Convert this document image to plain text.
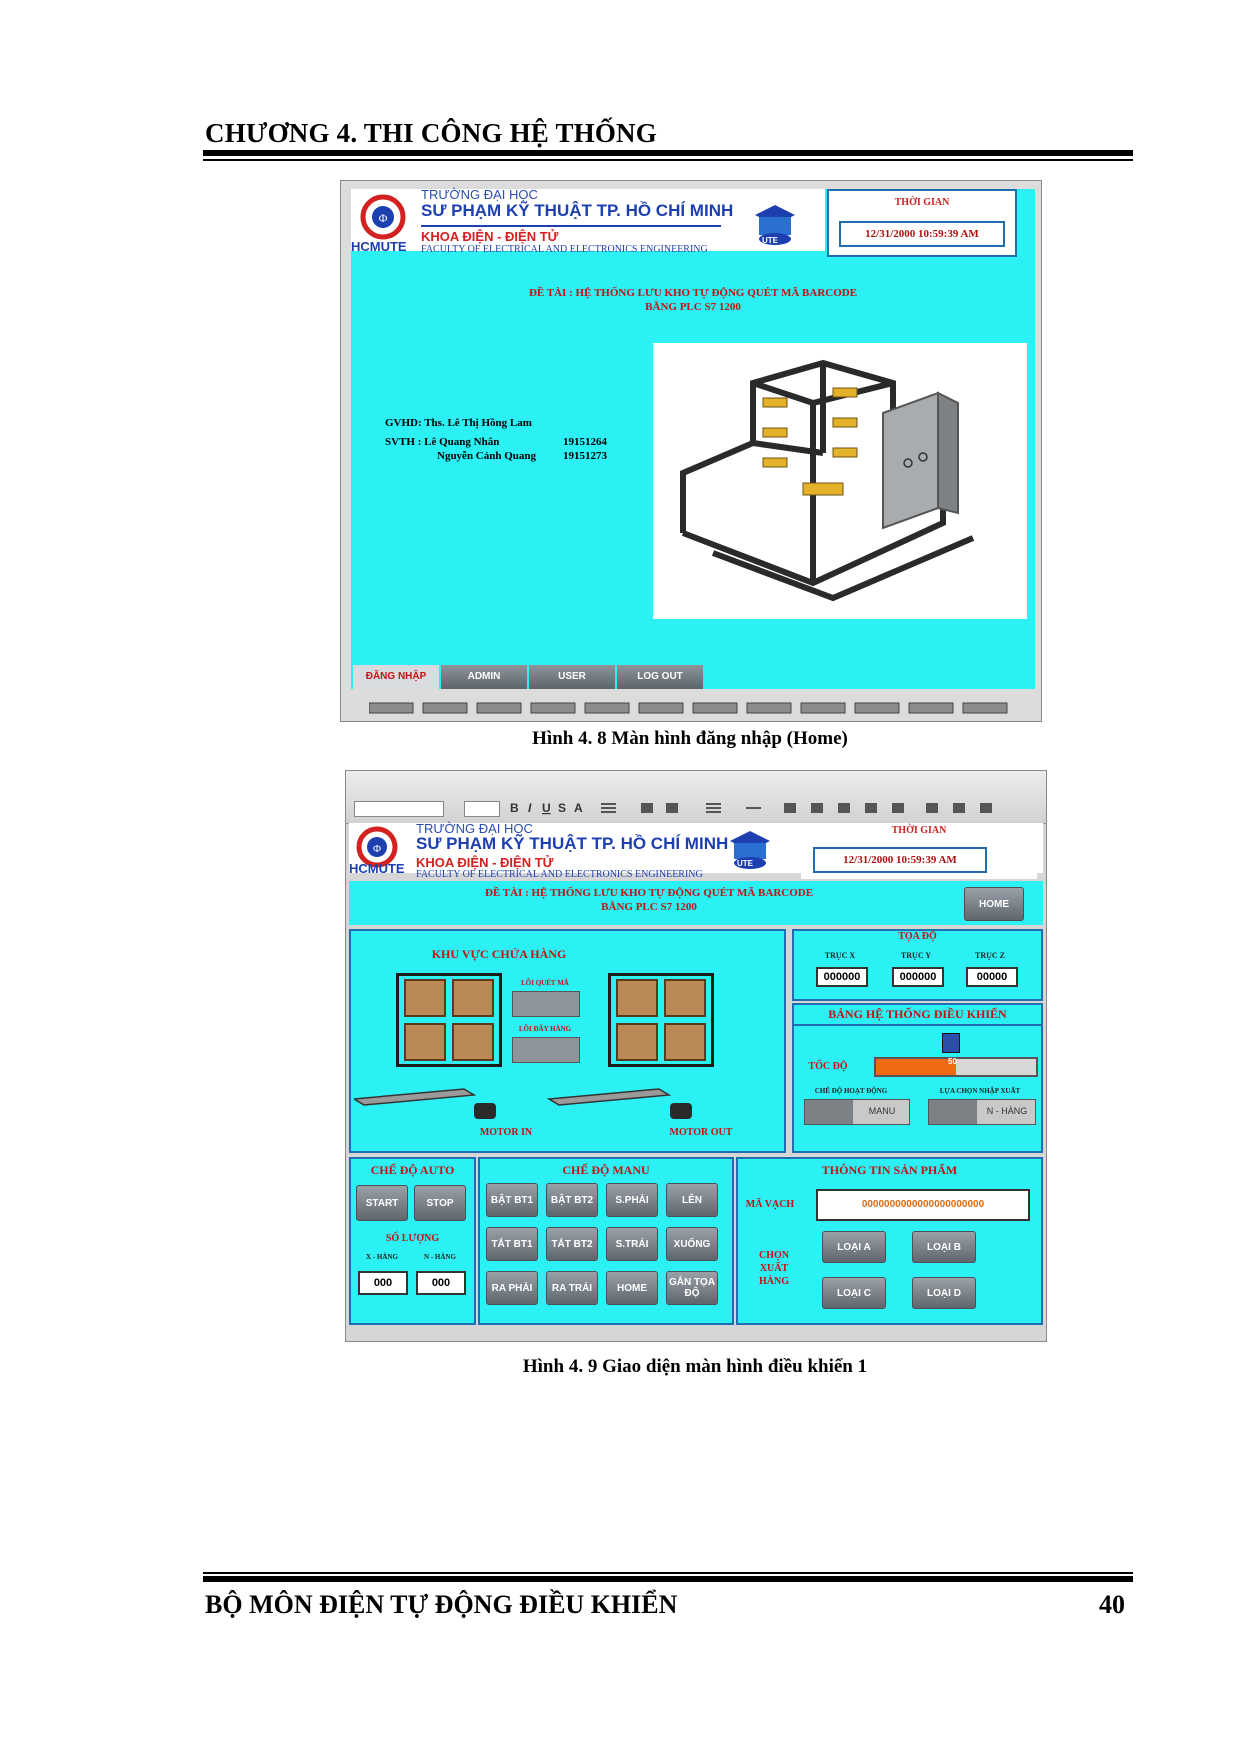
CHƯƠNG 4. THI CÔNG HỆ THỐNG
Φ
HCMUTE
TRƯỜNG ĐẠI HỌC
SƯ PHẠM KỸ THUẬT TP. HỒ CHÍ MINH
KHOA ĐIỆN - ĐIỆN TỬ
FACULTY OF ELECTRICAL AND ELECTRONICS ENGINEERING
UTE
THỜI GIAN
12/31/2000 10:59:39 AM
ĐỀ TÀI : HỆ THỐNG LƯU KHO TỰ ĐỘNG QUÉT MÃ BARCODE
BẰNG PLC S7 1200
GVHD: Ths. Lê Thị Hồng Lam
SVTH : Lê Quang Nhân	19151264
Nguyễn Cảnh Quang 19151273
ĐĂNG NHẬP	ADMIN	USER	LOG OUT
Hình 4. 8 Màn hình đăng nhập (Home)
B I U S A
Φ
HCMUTE
TRƯỜNG ĐẠI HỌC
SƯ PHẠM KỸ THUẬT TP. HỒ CHÍ MINH
KHOA ĐIỆN - ĐIỆN TỬ
FACULTY OF ELECTRICAL AND ELECTRONICS ENGINEERING
UTE
THỜI GIAN
12/31/2000 10:59:39 AM
ĐỀ TÀI : HỆ THỐNG LƯU KHO TỰ ĐỘNG QUÉT MÃ BARCODE
BẰNG PLC S7 1200	HOME
KHU VỰC CHỨA HÀNG
LỖI QUÉT MÃ
LỖI ĐẨY HÀNG
MOTOR IN	MOTOR OUT
TỌA ĐỘ
TRỤC X	TRỤC Y	TRỤC Z
000000	000000	00000
BẢNG HỆ THỐNG ĐIỀU KHIỂN
TỐC ĐỘ	50
CHẾ ĐỘ HOẠT ĐỘNG
MANU
LỰA CHỌN NHẬP XUẤT
N - HÀNG
CHẾ ĐỘ AUTO
START	STOP
SỐ LƯỢNG
X - HÀNG	N - HÀNG
000	000
CHẾ ĐỘ MANU
BẬT BT1	BẬT BT2	S.PHẢI	LÊN
TẮT BT1	TẮT BT2	S.TRÁI	XUỐNG
RA PHẢI	RA TRÁI	HOME	GẮN TỌA ĐỘ
THÔNG TIN SẢN PHẨM
MÃ VẠCH	0000000000000000000000
CHỌN XUẤT HÀNG
LOẠI A	LOẠI B
LOẠI C	LOẠI D
Hình 4. 9 Giao diện màn hình điều khiển 1
BỘ MÔN ĐIỆN TỰ ĐỘNG ĐIỀU KHIỂN	40
